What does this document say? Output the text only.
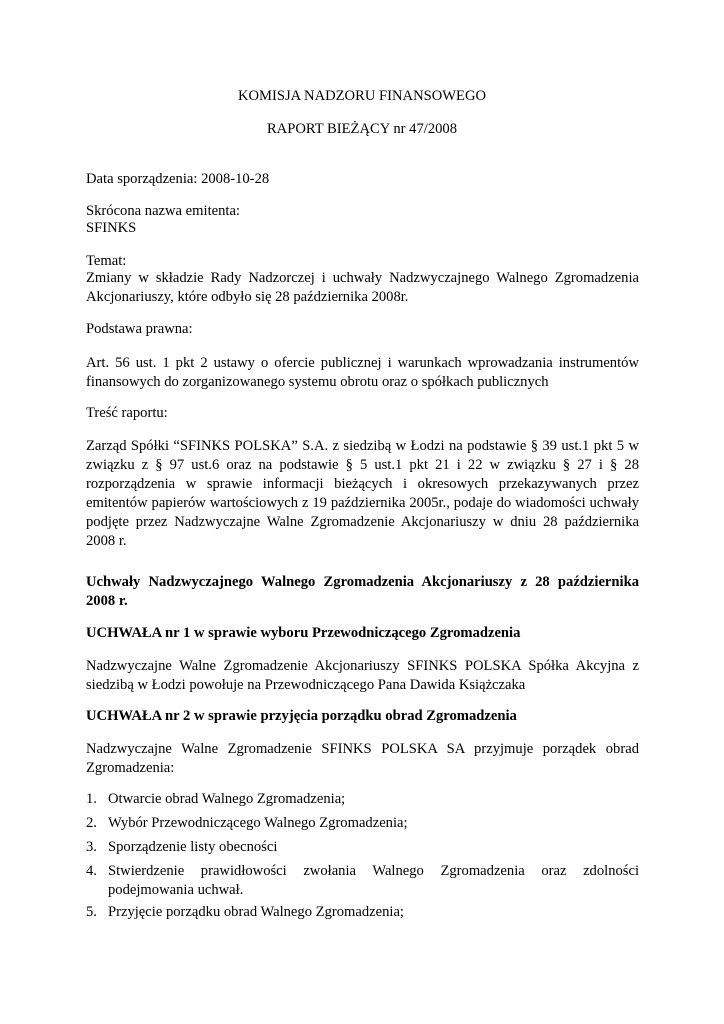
KOMISJA NADZORU FINANSOWEGO

RAPORT BIEŻĄCY nr 47/2008

Data sporządzenia: 2008-10-28

Skrócona nazwa emitenta:

SFINKS

Temat:

Zmiany w składzie Rady Nadzorczej i uchwały Nadzwyczajnego Walnego Zgromadzenia Akcjonariuszy, które odbyło się 28 października 2008r.

Podstawa prawna:

Art. 56 ust. 1 pkt 2 ustawy o ofercie publicznej i warunkach wprowadzania instrumentów finansowych do zorganizowanego systemu obrotu oraz o spółkach publicznych

Treść raportu:

Zarząd Spółki “SFINKS POLSKA” S.A. z siedzibą w Łodzi na podstawie § 39 ust.1 pkt 5 w związku z § 97 ust.6 oraz na podstawie § 5 ust.1 pkt 21 i 22 w związku § 27 i § 28 rozporządzenia w sprawie informacji bieżących i okresowych przekazywanych przez emitentów papierów wartościowych z 19 października 2005r., podaje do wiadomości uchwały podjęte przez Nadzwyczajne Walne Zgromadzenie Akcjonariuszy w dniu 28 października 2008 r.

Uchwały Nadzwyczajnego Walnego Zgromadzenia Akcjonariuszy z 28 października 2008 r.

UCHWAŁA nr 1 w sprawie wyboru Przewodniczącego Zgromadzenia

Nadzwyczajne Walne Zgromadzenie Akcjonariuszy SFINKS POLSKA Spółka Akcyjna z siedzibą w Łodzi powołuje na Przewodniczącego Pana Dawida Książczaka

UCHWAŁA nr 2 w sprawie przyjęcia porządku obrad Zgromadzenia

Nadzwyczajne Walne Zgromadzenie SFINKS POLSKA SA przyjmuje porządek obrad Zgromadzenia:

1. Otwarcie obrad Walnego Zgromadzenia;
2. Wybór Przewodniczącego Walnego Zgromadzenia;
3. Sporządzenie listy obecności
4. Stwierdzenie prawidłowości zwołania Walnego Zgromadzenia oraz zdolności podejmowania uchwał.
5. Przyjęcie porządku obrad Walnego Zgromadzenia;
